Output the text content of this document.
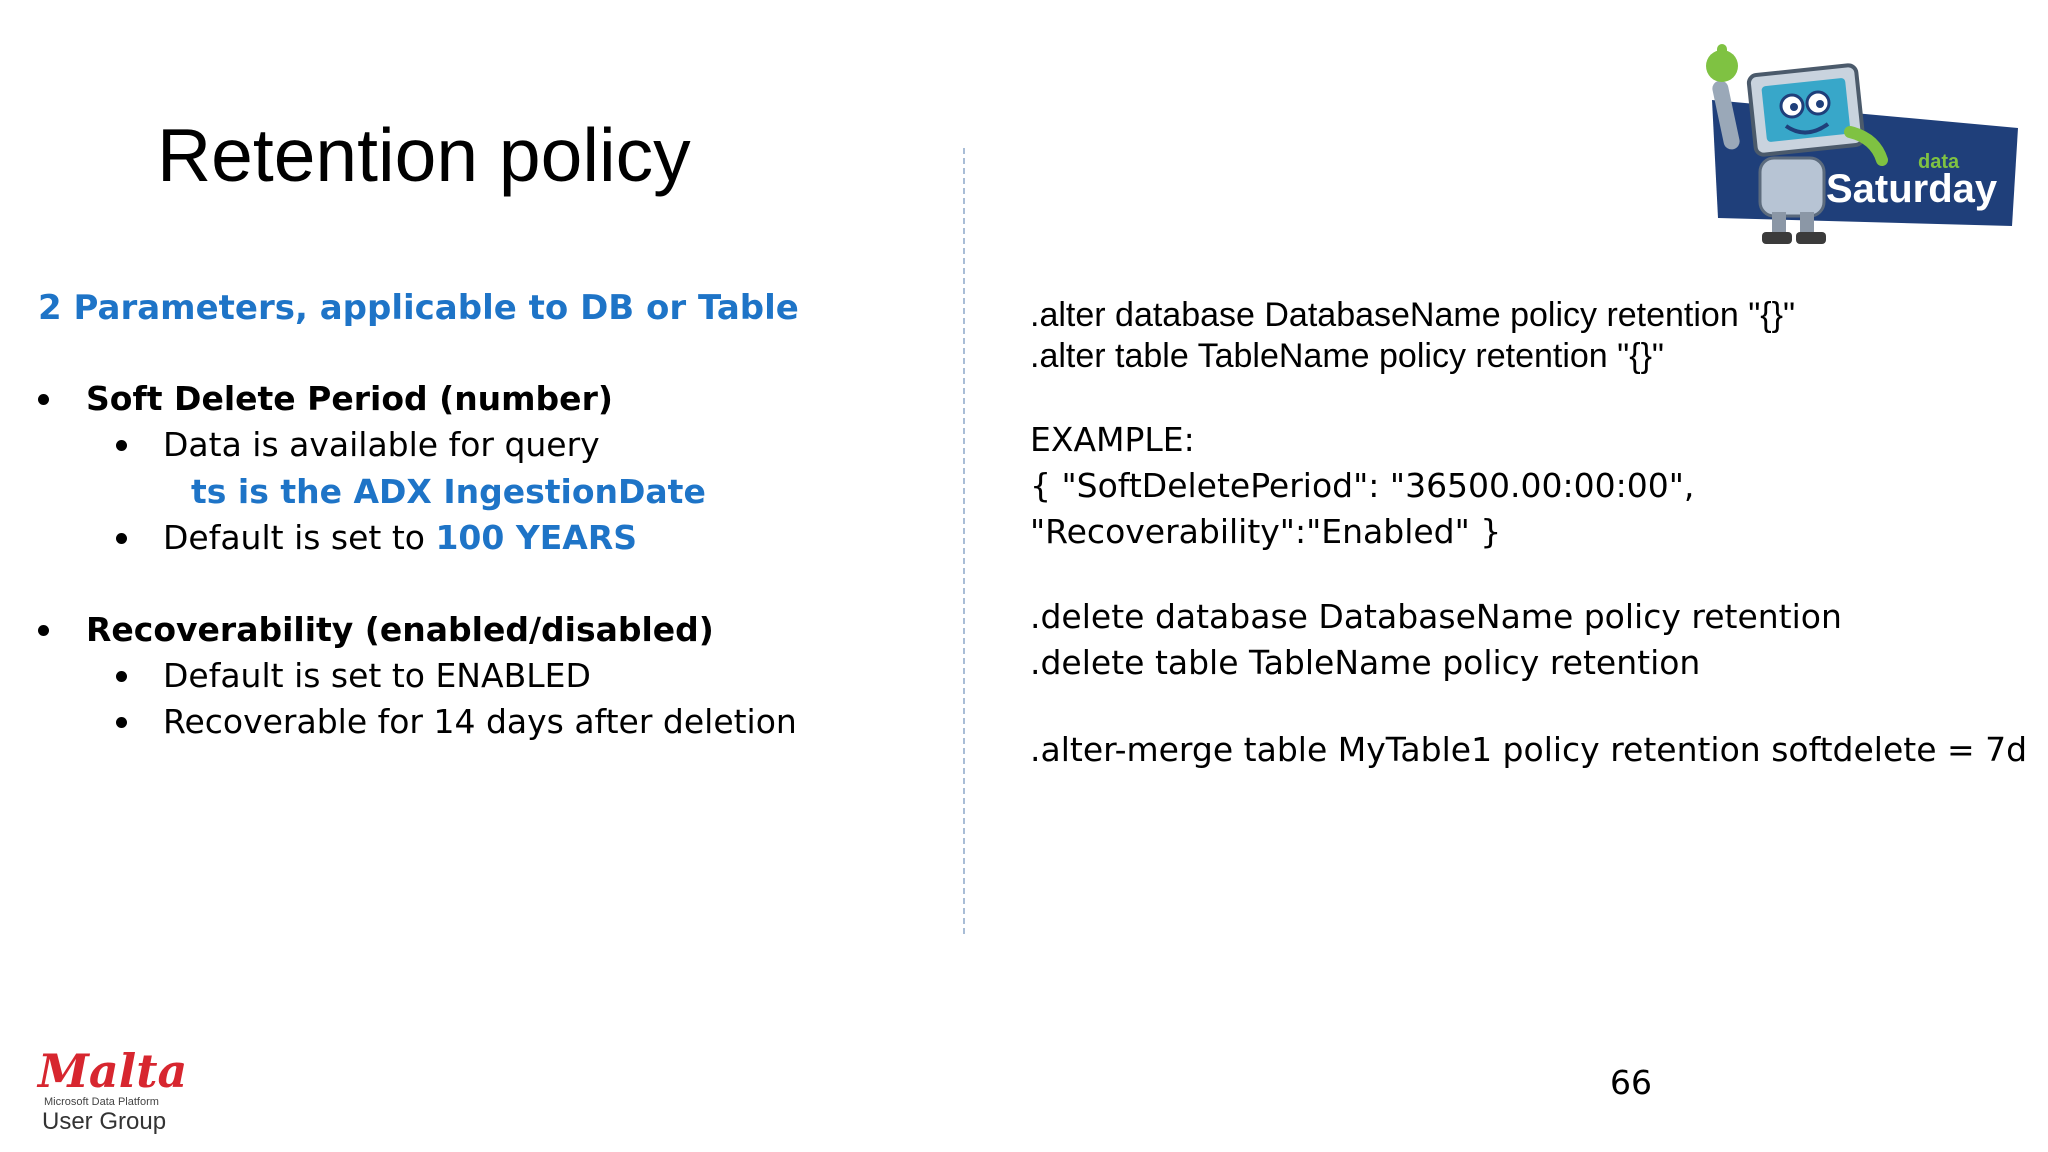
Retention policy
2 Parameters, applicable to DB or Table
Soft Delete Period (number)
Data is available for query
ts is the ADX IngestionDate
Default is set to 100 YEARS
Recoverability (enabled/disabled)
Default is set to ENABLED
Recoverable for 14 days after deletion
.alter database DatabaseName policy retention "{}"
.alter table TableName policy retention "{}"
EXAMPLE:
{ "SoftDeletePeriod": "36500.00:00:00",
"Recoverability":"Enabled" }
.delete database DatabaseName policy retention
.delete table TableName policy retention
.alter-merge table MyTable1 policy retention softdelete = 7d
data
Saturday
Malta
Microsoft Data Platform
User Group
66
